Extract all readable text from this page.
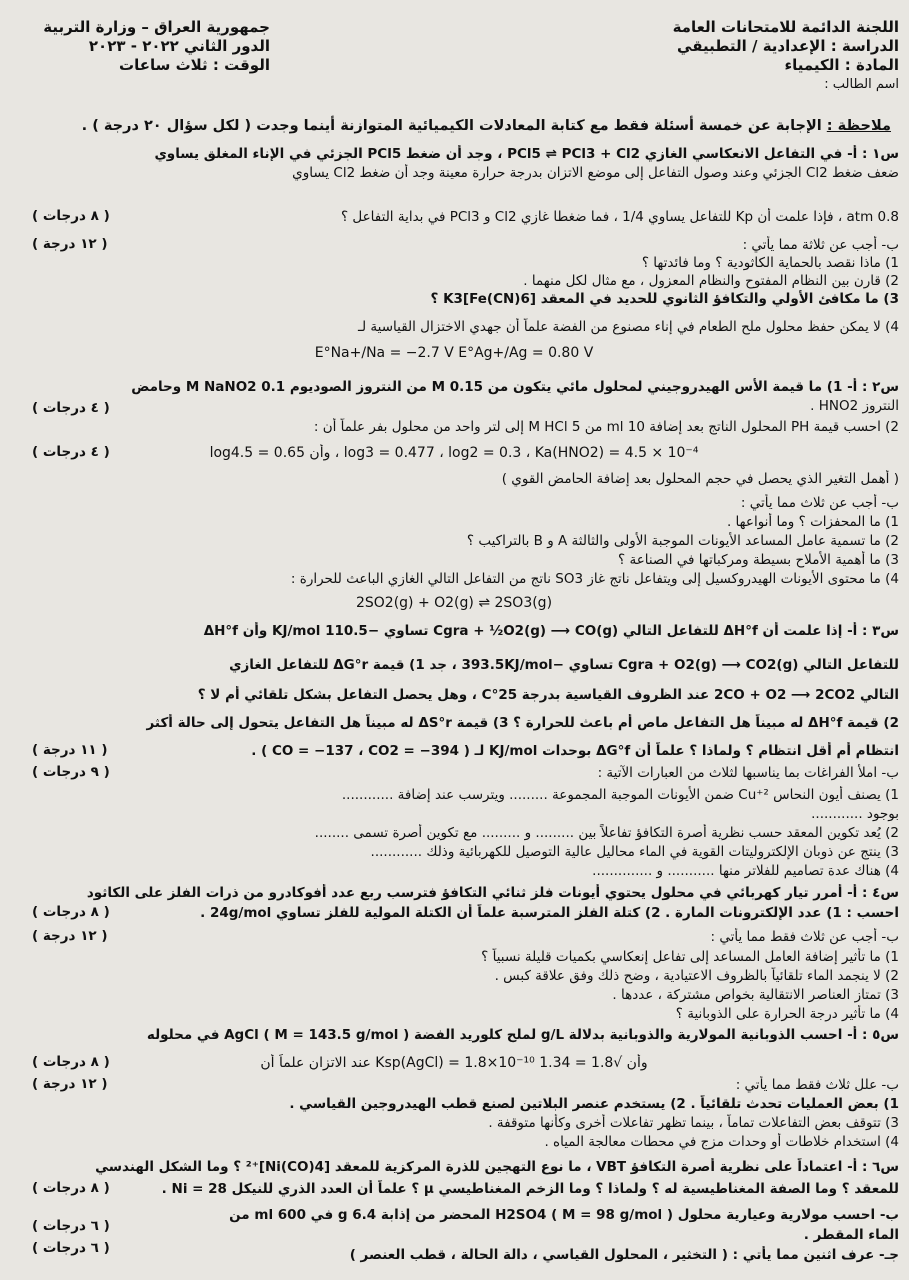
اللجنة الدائمة للامتحانات العامة
الدراسة : الإعدادية / التطبيقي
المادة : الكيمياء
اسم الطالب :
جمهورية العراق – وزارة التربية
الدور الثاني ٢٠٢٢ - ٢٠٢٣
الوقت : ثلاث ساعات
ملاحظة : الإجابة عن خمسة أسئلة فقط مع كتابة المعادلات الكيميائية المتوازنة أينما وجدت ( لكل سؤال ٢٠ درجة ) .
س١ : أ- في التفاعل الانعكاسي الغازي PCl5 ⇌ PCl3 + Cl2 ، وجد أن ضغط PCl5 الجزئي في الإناء المغلق يساوي
ضعف ضغط Cl2 الجزئي وعند وصول التفاعل إلى موضع الاتزان بدرجة حرارة معينة وجد أن ضغط Cl2 يساوي
0.8 atm ، فإذا علمت أن Kp للتفاعل يساوي 1/4 ، فما ضغطا غازي Cl2 و PCl3 في بداية التفاعل ؟
ب- أجب عن ثلاثة مما يأتي :
1) ماذا نقصد بالحماية الكاثودية ؟ وما فائدتها ؟
2) قارن بين النظام المفتوح والنظام المعزول ، مع مثال لكل منهما .
3) ما مكافئ الأولي والتكافؤ الثانوي للحديد في المعقد K3[Fe(CN)6] ؟
4) لا يمكن حفظ محلول ملح الطعام في إناء مصنوع من الفضة علماً أن جهدي الاختزال القياسية لـ
E°Na+/Na = −2.7 V E°Ag+/Ag = 0.80 V
س٢ : أ- 1) ما قيمة الأس الهيدروجيني لمحلول مائي يتكون من 0.15 M من النتروز الصوديوم 0.1 M NaNO2 وحامض
النتروز HNO2 .
2) احسب قيمة PH المحلول الناتج بعد إضافة 10 ml من 5 M HCl إلى لتر واحد من محلول بفر علماً أن :
log4.5 = 0.65 وأن ، log3 = 0.477 ، log2 = 0.3 ، Ka(HNO2) = 4.5 × 10⁻⁴
( أهمل التغير الذي يحصل في حجم المحلول بعد إضافة الحامض القوي )
ب- أجب عن ثلاث مما يأتي :
1) ما المحفزات ؟ وما أنواعها .
2) ما تسمية عامل المساعد الأيونات الموجبة الأولى والثالثة A و B بالتراكيب ؟
3) ما أهمية الأملاح بسيطة ومركباتها في الصناعة ؟
4) ما محتوى الأيونات الهيدروكسيل إلى ويتفاعل ناتج غاز SO3 ناتج من التفاعل التالي الغازي الباعث للحرارة :
2SO2(g) + O2(g) ⇌ 2SO3(g)
س٣ : أ- إذا علمت أن ΔH°f للتفاعل التالي Cgra + ½O2(g) ⟶ CO(g) تساوي −110.5 KJ/mol وأن ΔH°f
للتفاعل التالي Cgra + O2(g) ⟶ CO2(g) تساوي −393.5KJ/mol ، جد 1) قيمة ΔG°r للتفاعل الغازي
التالي 2CO + O2 ⟶ 2CO2 عند الظروف القياسية بدرجة 25°C ، وهل يحصل التفاعل بشكل تلقائي أم لا ؟
2) قيمة ΔH°f له مبيناً هل التفاعل ماص أم باعث للحرارة ؟ 3) قيمة ΔS°r له مبيناً هل التفاعل يتحول إلى حالة أكثر
انتظام أم أقل انتظام ؟ ولماذا ؟ علماً أن ΔG°f بوحدات KJ/mol لـ ( CO = −137 ، CO2 = −394 ) .
ب- املأ الفراغات بما يناسبها لثلاث من العبارات الآتية :
1) يصنف أيون النحاس Cu⁺² ضمن الأيونات الموجبة المجموعة ......... ويترسب عند إضافة ............
بوجود ............
2) يُعد تكوين المعقد حسب نظرية أصرة التكافؤ تفاعلاً بين ......... و ......... مع تكوين أصرة تسمى ........
3) ينتج عن ذوبان الإلكتروليتات القوية في الماء محاليل عالية التوصيل للكهربائية وذلك ............
4) هناك عدة تصاميم للفلاتر منها ........... و ..............
س٤ : أ- أمرر تيار كهربائي في محلول يحتوي أيونات فلز ثنائي التكافؤ فترسب ربع عدد أفوكادرو من ذرات الفلز على الكاثود
احسب : 1) عدد الإلكترونات المارة . 2) كتلة الفلز المترسبة علماً أن الكتلة المولية للفلز تساوي 24g/mol .
ب- أجب عن ثلاث فقط مما يأتي :
1) ما تأثير إضافة العامل المساعد إلى تفاعل إنعكاسي بكميات قليلة نسبياً ؟
2) لا ينجمد الماء تلقائياً بالظروف الاعتيادية ، وضح ذلك وفق علاقة كبس .
3) تمتاز العناصر الانتقالية بخواص مشتركة ، عددها .
4) ما تأثير درجة الحرارة على الذوبانية ؟
س٥ : أ- احسب الذوبانية المولارية والذوبانية بدلالة g/L لملح كلوريد الفضة AgCl ( M = 143.5 g/mol ) في محلوله
عند الاتزان علماً أن Ksp(AgCl) = 1.8×10⁻¹⁰ وأن √1.8 = 1.34
ب- علل ثلاث فقط مما يأتي :
1) بعض العمليات تحدث تلقائياً . 2) يستخدم عنصر البلاتين لصنع قطب الهيدروجين القياسي .
3) تتوقف بعض التفاعلات تماماً ، بينما تظهر تفاعلات أخرى وكأنها متوقفة .
4) استخدام خلاطات أو وحدات مزج في محطات معالجة المياه .
س٦ : أ- اعتماداً على نظرية أصرة التكافؤ VBT ، ما نوع التهجين للذرة المركزية للمعقد [Ni(CO)4]⁺² ؟ وما الشكل الهندسي
للمعقد ؟ وما الصفة المغناطيسية له ؟ ولماذا ؟ وما الزخم المغناطيسي μ ؟ علماً أن العدد الذري للنيكل Ni = 28 .
ب- احسب مولارية وعيارية محلول H2SO4 ( M = 98 g/mol ) المحضر من إذابة 6.4 g في 600 ml من
الماء المقطر .
جـ- عرف اثنين مما يأتي : ( التخثير ، المحلول القياسي ، دالة الحالة ، قطب العنصر )
( ٨ درجات )
( ١٢ درجة )
( ٤ درجات )
( ٤ درجات )
( ١١ درجة )
( ٩ درجات )
( ٨ درجات )
( ١٢ درجة )
( ٨ درجات )
( ١٢ درجة )
( ٨ درجات )
( ٦ درجات )
( ٦ درجات )
